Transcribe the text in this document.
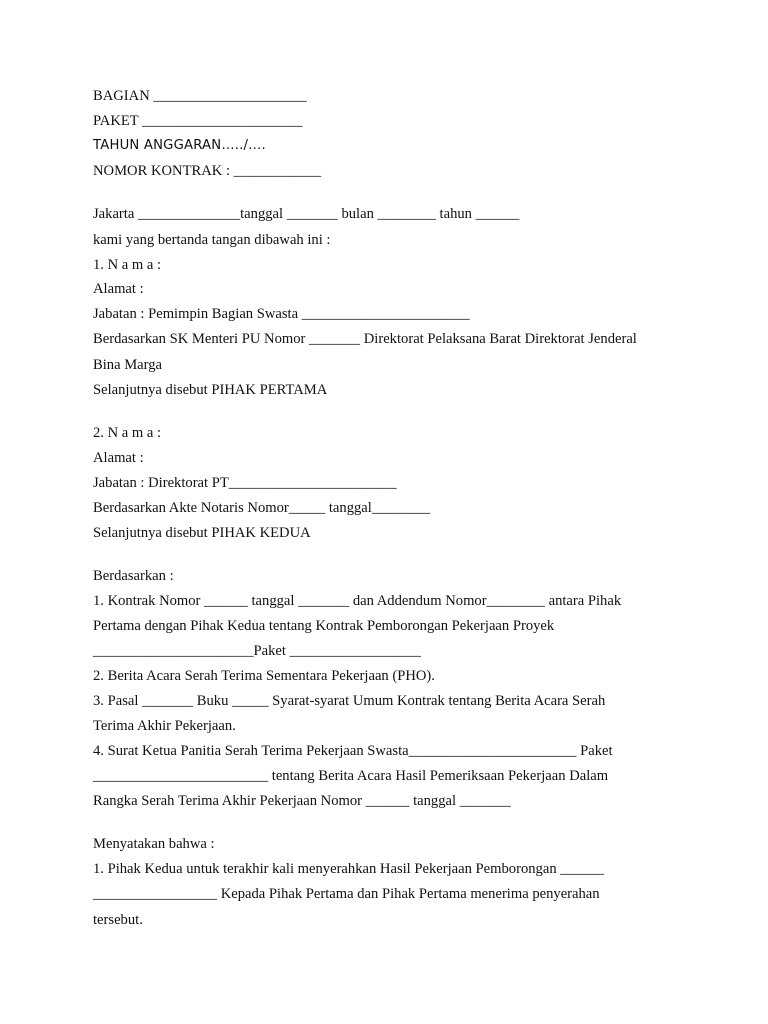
BAGIAN _____________________
PAKET ______________________
TAHUN ANGGARAN…../….
NOMOR KONTRAK : ____________
Jakarta ______________tanggal _______ bulan ________ tahun ______
kami yang bertanda tangan dibawah ini :
1. N a m a :
Alamat :
Jabatan : Pemimpin Bagian Swasta _______________________
Berdasarkan SK Menteri PU Nomor _______ Direktorat Pelaksana Barat Direktorat Jenderal
Bina Marga
Selanjutnya disebut PIHAK PERTAMA
2. N a m a :
Alamat :
Jabatan : Direktorat PT_______________________
Berdasarkan Akte Notaris Nomor_____ tanggal________
Selanjutnya disebut PIHAK KEDUA
Berdasarkan :
1. Kontrak Nomor ______ tanggal _______ dan Addendum Nomor________ antara Pihak
Pertama dengan Pihak Kedua tentang Kontrak Pemborongan Pekerjaan Proyek
______________________Paket __________________
2. Berita Acara Serah Terima Sementara Pekerjaan (PHO).
3. Pasal _______ Buku _____ Syarat-syarat Umum Kontrak tentang Berita Acara Serah
Terima Akhir Pekerjaan.
4. Surat Ketua Panitia Serah Terima Pekerjaan Swasta_______________________ Paket
________________________ tentang Berita Acara Hasil Pemeriksaan Pekerjaan Dalam
Rangka Serah Terima Akhir Pekerjaan Nomor ______ tanggal _______
Menyatakan bahwa :
1. Pihak Kedua untuk terakhir kali menyerahkan Hasil Pekerjaan Pemborongan ______
_________________ Kepada Pihak Pertama dan Pihak Pertama menerima penyerahan
tersebut.
